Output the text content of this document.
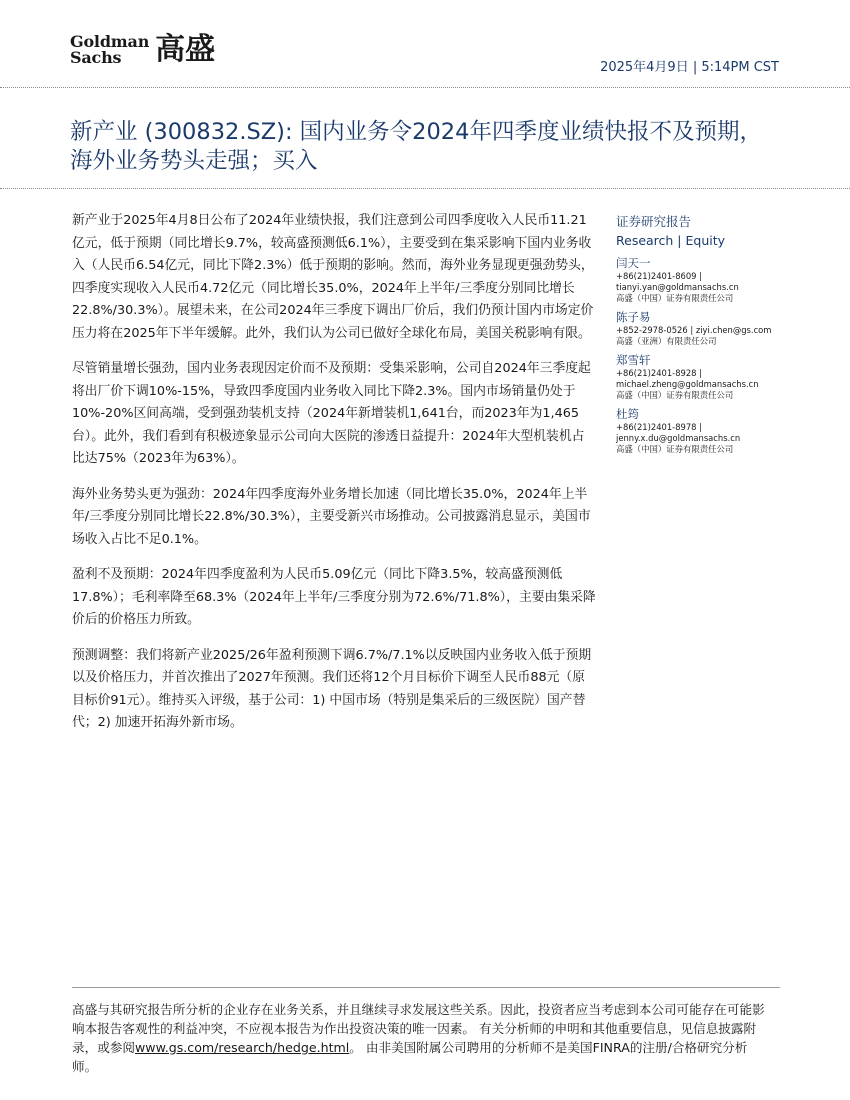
Goldman
Sachs	高盛
2025年4月9日 | 5:14PM CST
新产业 (300832.SZ): 国内业务令2024年四季度业绩快报不及预期，海外业务势头走强；买入

新产业于2025年4月8日公布了2024年业绩快报，我们注意到公司四季度收入人民币11.21亿元，低于预期（同比增长9.7%，较高盛预测低6.1%），主要受到在集采影响下国内业务收入（人民币6.54亿元，同比下降2.3%）低于预期的影响。然而，海外业务显现更强劲势头，四季度实现收入人民币4.72亿元（同比增长35.0%，2024年上半年/三季度分别同比增长22.8%/30.3%）。展望未来，在公司2024年三季度下调出厂价后，我们仍预计国内市场定价压力将在2025年下半年缓解。此外，我们认为公司已做好全球化布局，美国关税影响有限。

尽管销量增长强劲，国内业务表现因定价而不及预期：受集采影响，公司自2024年三季度起将出厂价下调10%-15%，导致四季度国内业务收入同比下降2.3%。国内市场销量仍处于10%-20%区间高端，受到强劲装机支持（2024年新增装机1,641台，而2023年为1,465台）。此外，我们看到有积极迹象显示公司向大医院的渗透日益提升：2024年大型机装机占比达75%（2023年为63%）。

海外业务势头更为强劲：2024年四季度海外业务增长加速（同比增长35.0%，2024年上半年/三季度分别同比增长22.8%/30.3%），主要受新兴市场推动。公司披露消息显示，美国市场收入占比不足0.1%。

盈利不及预期：2024年四季度盈利为人民币5.09亿元（同比下降3.5%，较高盛预测低17.8%）；毛利率降至68.3%（2024年上半年/三季度分别为72.6%/71.8%），主要由集采降价后的价格压力所致。

预测调整：我们将新产业2025/26年盈利预测下调6.7%/7.1%以反映国内业务收入低于预期以及价格压力，并首次推出了2027年预测。我们还将12个月目标价下调至人民币88元（原目标价91元）。维持买入评级，基于公司：1) 中国市场（特别是集采后的三级医院）国产替代；2) 加速开拓海外新市场。

证券研究报告
Research | Equity
闫天一
+86(21)2401-8609 |
tianyi.yan@goldmansachs.cn
高盛（中国）证券有限责任公司
陈子易
+852-2978-0526 | ziyi.chen@gs.com
高盛（亚洲）有限责任公司
郑雪轩
+86(21)2401-8928 |
michael.zheng@goldmansachs.cn
高盛（中国）证券有限责任公司
杜筠
+86(21)2401-8978 |
jenny.x.du@goldmansachs.cn
高盛（中国）证券有限责任公司

高盛与其研究报告所分析的企业存在业务关系，并且继续寻求发展这些关系。因此，投资者应当考虑到本公司可能存在可能影响本报告客观性的利益冲突，不应视本报告为作出投资决策的唯一因素。 有关分析师的申明和其他重要信息，见信息披露附录，或参阅www.gs.com/research/hedge.html。 由非美国附属公司聘用的分析师不是美国FINRA的注册/合格研究分析师。
